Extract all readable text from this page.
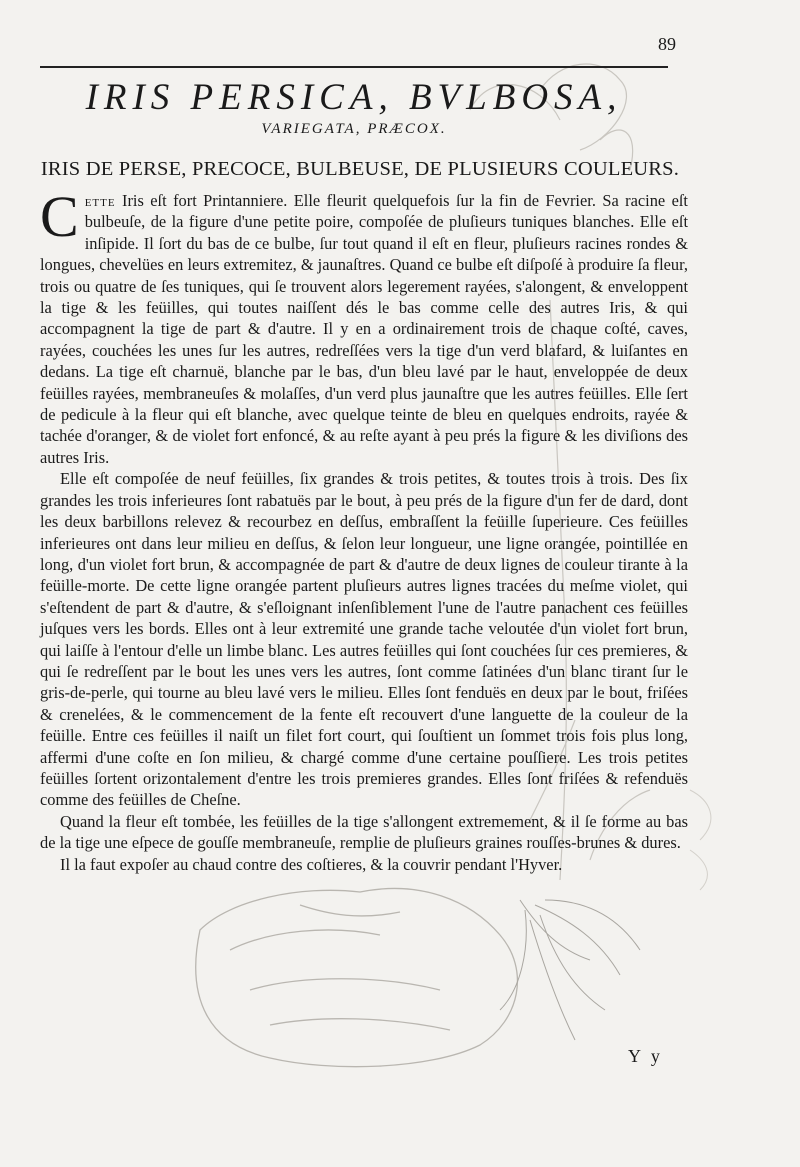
89
IRIS PERSICA, BVLBOSA,
VARIEGATA, PRÆCOX.
IRIS DE PERSE, PRECOCE, BULBEUSE, DE PLUSIEURS COULEURS.

Cette Iris eſt fort Printanniere. Elle fleurit quelquefois ſur la fin de Fevrier. Sa racine eſt bulbeuſe, de la figure d'une petite poire, compoſée de pluſieurs tuniques blanches. Elle eſt inſipide. Il ſort du bas de ce bulbe, ſur tout quand il eſt en fleur, pluſieurs racines rondes & longues, chevelües en leurs extremitez, & jaunaſtres. Quand ce bulbe eſt diſpoſé à produire ſa fleur, trois ou quatre de ſes tuniques, qui ſe trouvent alors legerement rayées, s'alongent, & enveloppent la tige & les feüilles, qui toutes naiſſent dés le bas comme celle des autres Iris, & qui accompagnent la tige de part & d'autre. Il y en a ordinairement trois de chaque coſté, caves, rayées, couchées les unes ſur les autres, redreſſées vers la tige d'un verd blafard, & luiſantes en dedans. La tige eſt charnuë, blanche par le bas, d'un bleu lavé par le haut, enveloppée de deux feüilles rayées, membraneuſes & molaſſes, d'un verd plus jaunaſtre que les autres feüilles. Elle ſert de pedicule à la fleur qui eſt blanche, avec quelque teinte de bleu en quelques endroits, rayée & tachée d'oranger, & de violet fort enfoncé, & au reſte ayant à peu prés la figure & les diviſions des autres Iris.

Elle eſt compoſée de neuf feüilles, ſix grandes & trois petites, & toutes trois à trois. Des ſix grandes les trois inferieures ſont rabatuës par le bout, à peu prés de la figure d'un fer de dard, dont les deux barbillons relevez & recourbez en deſſus, embraſſent la feüille ſuperieure. Ces feüilles inferieures ont dans leur milieu en deſſus, & ſelon leur longueur, une ligne orangée, pointillée en long, d'un violet fort brun, & accompagnée de part & d'autre de deux lignes de couleur tirante à la feüille-morte. De cette ligne orangée partent pluſieurs autres lignes tracées du meſme violet, qui s'eſtendent de part & d'autre, & s'eſloignant inſenſiblement l'une de l'autre panachent ces feüilles juſques vers les bords. Elles ont à leur extremité une grande tache veloutée d'un violet fort brun, qui laiſſe à l'entour d'elle un limbe blanc. Les autres feüilles qui ſont couchées ſur ces premieres, & qui ſe redreſſent par le bout les unes vers les autres, ſont comme ſatinées d'un blanc tirant ſur le gris-de-perle, qui tourne au bleu lavé vers le milieu. Elles ſont fenduës en deux par le bout, friſées & crenelées, & le commencement de la fente eſt recouvert d'une languette de la couleur de la feüille. Entre ces feüilles il naiſt un filet fort court, qui ſouſtient un ſommet trois fois plus long, affermi d'une coſte en ſon milieu, & chargé comme d'une certaine pouſſiere. Les trois petites feüilles ſortent orizontalement d'entre les trois premieres grandes. Elles ſont friſées & refenduës comme des feüilles de Cheſne.

Quand la fleur eſt tombée, les feüilles de la tige s'allongent extremement, & il ſe forme au bas de la tige une eſpece de gouſſe membraneuſe, remplie de pluſieurs graines rouſſes-brunes & dures.

Il la faut expoſer au chaud contre des coſtieres, & la couvrir pendant l'Hyver.

Y y
